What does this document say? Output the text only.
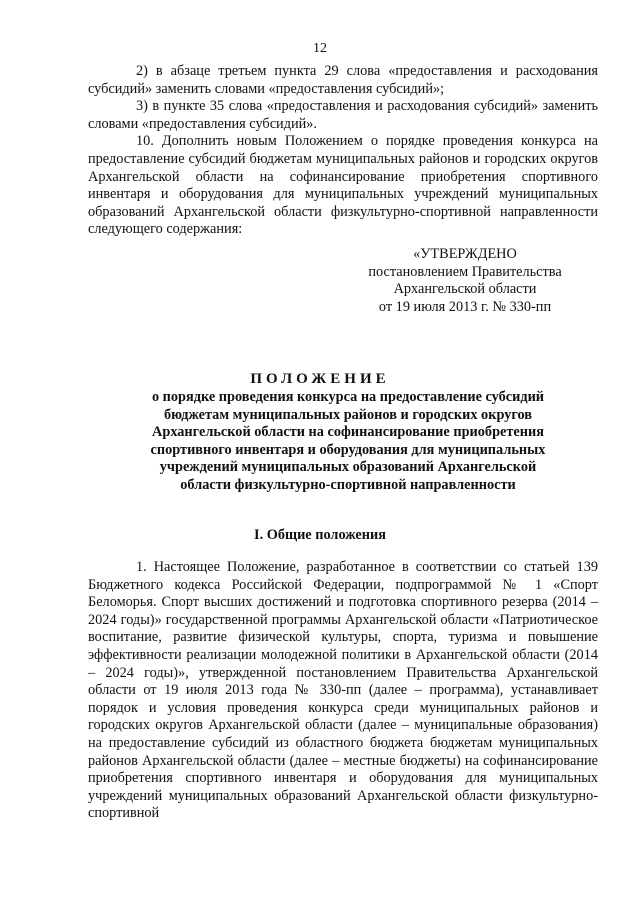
12

2) в абзаце третьем пункта 29 слова «предоставления и расходования субсидий» заменить словами «предоставления субсидий»;

3) в пункте 35 слова «предоставления и расходования субсидий» заменить словами «предоставления субсидий».

10. Дополнить новым Положением о порядке проведения конкурса на предоставление субсидий бюджетам муниципальных районов и городских округов Архангельской области на софинансирование приобретения спортивного инвентаря и оборудования для муниципальных учреждений муниципальных образований Архангельской области физкультурно-спортивной направленности следующего содержания:

«УТВЕРЖДЕНО
постановлением Правительства
Архангельской области
от 19 июля 2013 г. № 330-пп
ПОЛОЖЕНИЕ
о порядке проведения конкурса на предоставление субсидий
бюджетам муниципальных районов и городских округов
Архангельской области на софинансирование приобретения
спортивного инвентаря и оборудования для муниципальных
учреждений муниципальных образований Архангельской
области физкультурно-спортивной направленности
I. Общие положения

1. Настоящее Положение, разработанное в соответствии со статьей 139 Бюджетного кодекса Российской Федерации, подпрограммой № 1 «Спорт Беломорья. Спорт высших достижений и подготовка спортивного резерва (2014 – 2024 годы)» государственной программы Архангельской области «Патриотическое воспитание, развитие физической культуры, спорта, туризма и повышение эффективности реализации молодежной политики в Архангельской области (2014 – 2024 годы)», утвержденной постановлением Правительства Архангельской области от 19 июля 2013 года № 330-пп (далее – программа), устанавливает порядок и условия проведения конкурса среди муниципальных районов и городских округов Архангельской области (далее – муниципальные образования) на предоставление субсидий из областного бюджета бюджетам муниципальных районов Архангельской области (далее – местные бюджеты) на софинансирование приобретения спортивного инвентаря и оборудования для муниципальных учреждений муниципальных образований Архангельской области физкультурно-спортивной
